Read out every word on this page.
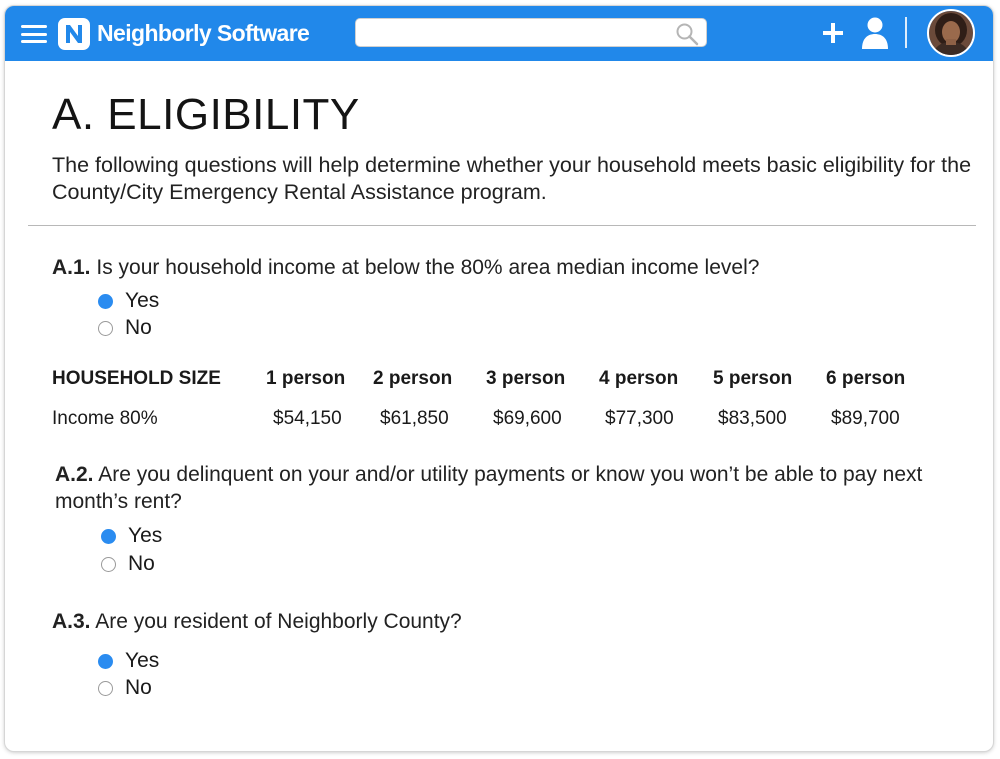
Neighborly Software
A. ELIGIBILITY

The following questions will help determine whether your household meets basic eligibility for the County/City Emergency Rental Assistance program.

A.1. Is your household income at below the 80% area median income level?

Yes
No
HOUSEHOLD SIZE 1 person 2 person 3 person 4 person 5 person 6 person
Income 80%	$54,150 $61,850 $69,600 $77,300 $83,500 $89,700

A.2. Are you delinquent on your and/or utility payments or know you won’t be able to pay next month’s rent?

Yes
No

A.3. Are you resident of Neighborly County?

Yes
No
